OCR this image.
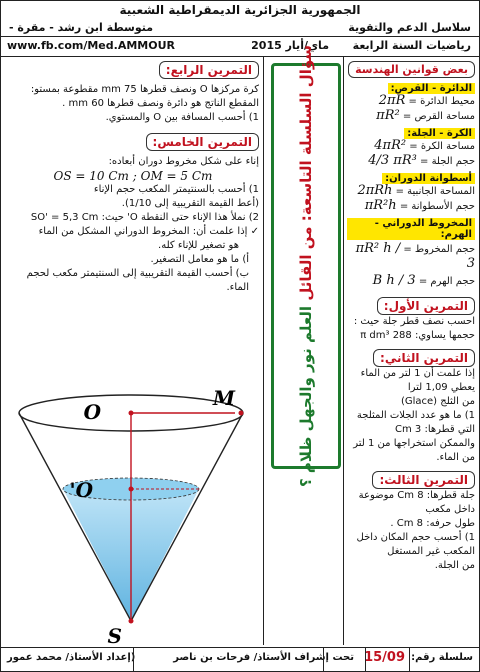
الجمهورية الجزائرية الديمقراطية الشعبية
سلاسل الدعم والتقوية
متوسطة ابن رشد - مقرة -
www.fb.com/Med.AMMOUR	رياضيات السنة الرابعة
ماي/أيار 2015
سؤال السلسلة التاسعة: من القائل العلم نور والجهل ظلام ؟
بعض قوانين الهندسة
الدائرة - القرص:
محيط الدائرة = 2πR
مساحة القرص = πR²
الكرة - الجلة:
مساحة الكرة = 4πR²
حجم الجلة = 4/3 πR³
أسطوانة الدوران:
المساحة الجانبية = 2πRh
حجم الأسطوانة = πR²h
المخروط الدوراني - الهرم:
حجم المخروط = πR² h / 3
حجم الهرم = B h / 3
التمرين الأول:
احسب نصف قطر جلة حيث :
حجمها يساوي: 288 π dm³
التمرين الثاني:
إذا علمت أن 1 لتر من الماء يعطي 1,09 لترا
من الثلج (Glace)
1) ما هو عدد الجلات المثلجة التي قطرها: 3 Cm
والممكن استخراجها من 1 لتر من الماء.
التمرين الثالث:
جلة قطرها: 8 Cm موضوعة داخل مكعب
طول حرفه: 8 Cm .
1) أحسب حجم المكان داخل المكعب غير المستغل
من الجلة.
التمرين الرابع:
كرة مركزها O ونصف قطرها 75 mm مقطوعة بمستو:
المقطع الناتج هو دائرة ونصف قطرها 60 mm .
1) أحسب المسافة بين O والمستوي.
التمرين الخامس:
إناء على شكل مخروط دوران أبعاده:
OS = 10 Cm ; OM = 5 Cm
1) أحسب بالسنتيمتر المكعب حجم الإناء
(أعط القيمة التقريبية إلى 1/10).
2) نملأ هذا الإناء حتى النقطة O' حيث: SO' = 5,3 Cm
✓ إذا علمت أن: المخروط الدوراني المشكل من الماء
هو تصغير للإناء كله.
أ) ما هو معامل التصغير.
ب) أحسب القيمة التقريبية إلى السنتيمتر مكعب لحجم الماء.
O
M
O'
S
سلسلة رقم:
15/09
تحت إشراف الأستاذ/ فرحات بن ناصر
(إعداد الأستاذ/ محمد عمور
